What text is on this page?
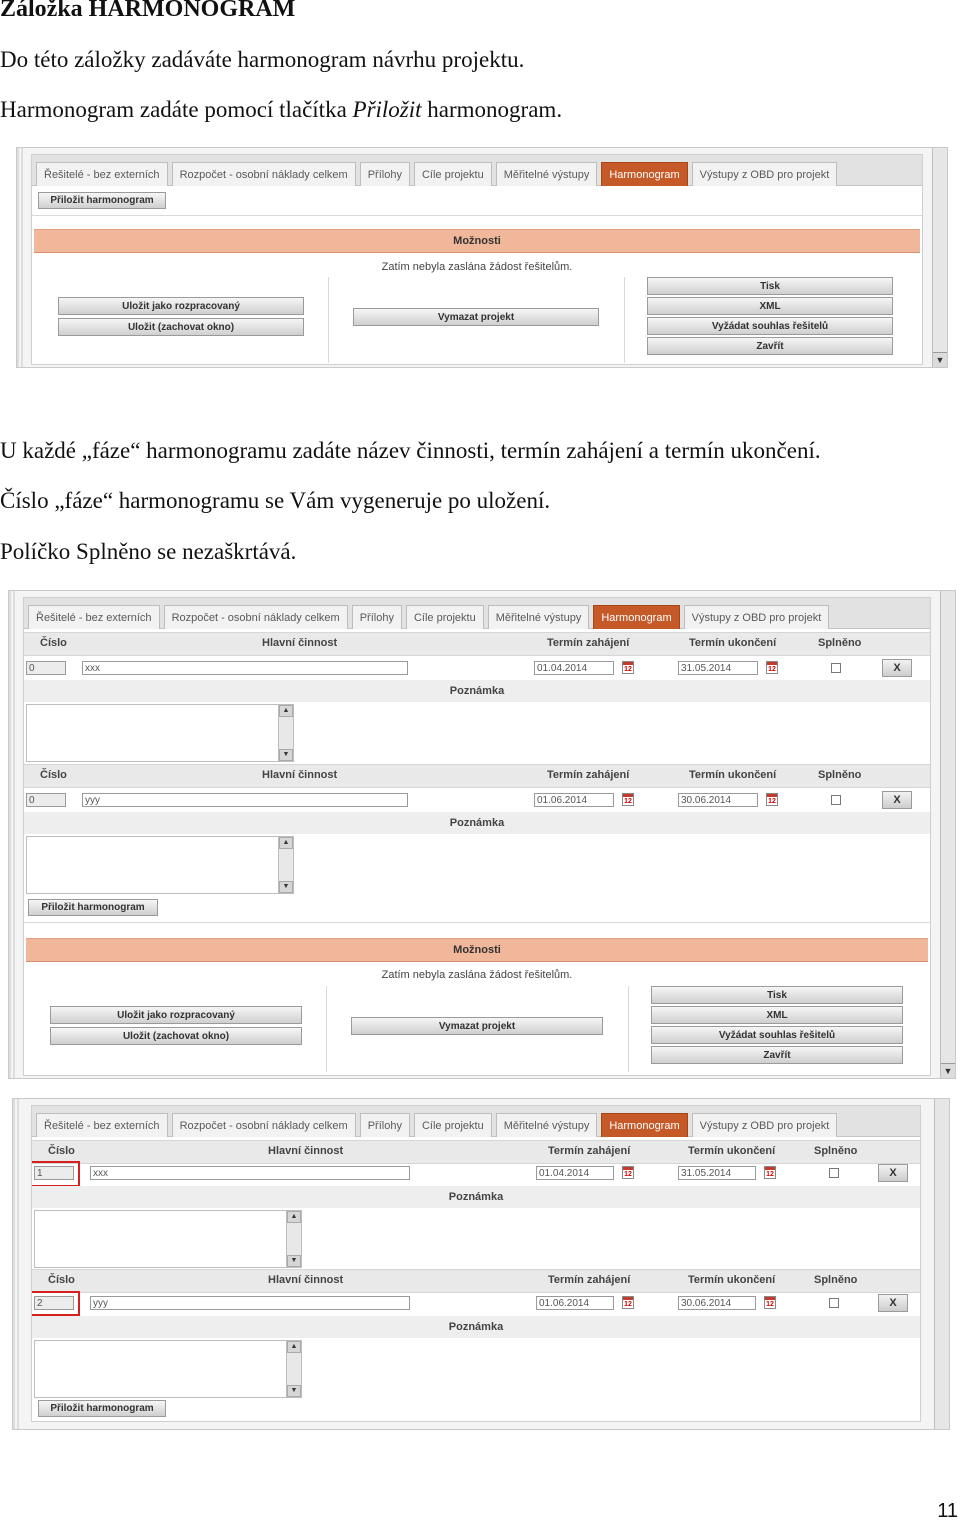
Záložka HARMONOGRAM

Do této záložky zadáváte harmonogram návrhu projektu.

Harmonogram zadáte pomocí tlačítka Přiložit harmonogram.

Řešitelé - bez externích	Rozpočet - osobní náklady celkem	Přílohy	Cíle projektu	Měřitelné výstupy	Harmonogram	Výstupy z OBD pro projekt
Přiložit harmonogram
Možnosti
Zatím nebyla zaslána žádost řešitelům.
Uložit jako rozpracovaný
Uložit (zachovat okno)
Vymazat projekt
Tisk
XML
Vyžádat souhlas řešitelů
Zavřít
▼

U každé „fáze“ harmonogramu zadáte název činnosti, termín zahájení a termín ukončení.

Číslo „fáze“ harmonogramu se Vám vygeneruje po uložení.

Políčko Splněno se nezaškrtává.

Řešitelé - bez externích	Rozpočet - osobní náklady celkem	Přílohy	Cíle projektu	Měřitelné výstupy	Harmonogram	Výstupy z OBD pro projekt
Číslo	Hlavní činnost	Termín zahájení	Termín ukončení	Splněno
0	xxx	01.04.2014	12	31.05.2014	12	X
Poznámka
▲
▼
Číslo	Hlavní činnost	Termín zahájení	Termín ukončení	Splněno
0	yyy	01.06.2014	12	30.06.2014	12	X
Poznámka
▲
▼
Přiložit harmonogram
Možnosti
Zatím nebyla zaslána žádost řešitelům.
Uložit jako rozpracovaný
Uložit (zachovat okno)
Vymazat projekt
Tisk
XML
Vyžádat souhlas řešitelů
Zavřít
▼
Řešitelé - bez externích	Rozpočet - osobní náklady celkem	Přílohy	Cíle projektu	Měřitelné výstupy	Harmonogram	Výstupy z OBD pro projekt
Číslo	Hlavní činnost	Termín zahájení	Termín ukončení	Splněno
1	xxx	01.04.2014	12	31.05.2014	12	X
Poznámka
▲
▼
Číslo	Hlavní činnost	Termín zahájení	Termín ukončení	Splněno
2	yyy	01.06.2014	12	30.06.2014	12	X
Poznámka
▲
▼
Přiložit harmonogram
11
